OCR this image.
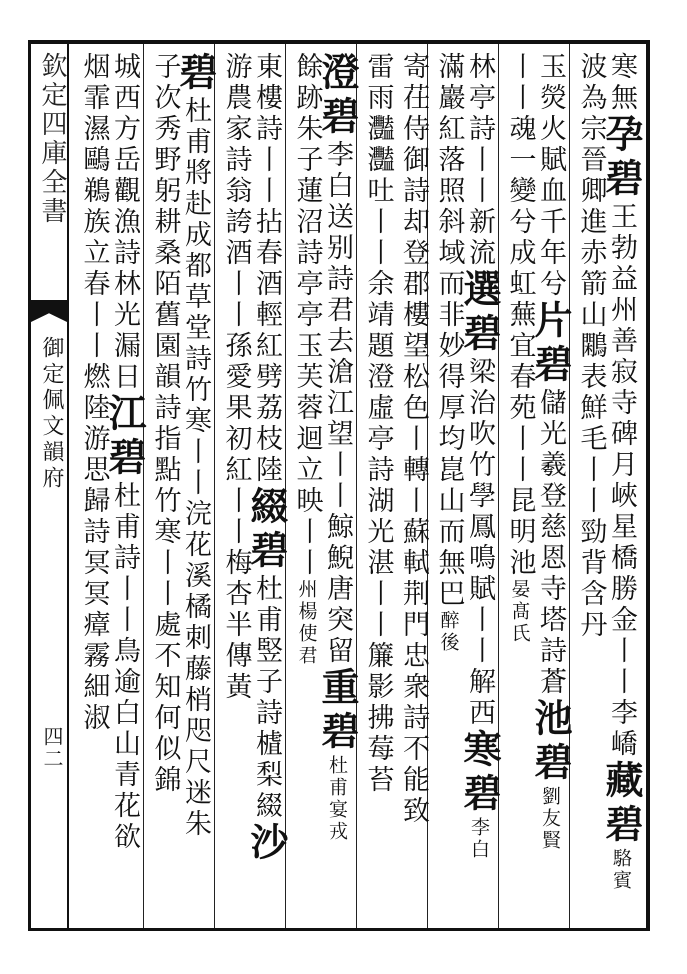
欽定四庫全書
御定佩文韻府
四二
寒無孕碧王勃益州善寂寺碑月峽星橋勝金丨丨李嶠藏碧駱賓
波為宗晉卿進赤箭山鷴表鮮毛丨丨勁背含丹
玉熒火賦血千年兮片碧儲光羲登慈恩寺塔詩蒼池碧劉友賢
丨丨魂一變兮成虹蕪宜春苑丨丨昆明池晏髙氏
林亭詩丨丨新流選碧梁治吹竹學鳳鳴賦丨丨解西寒碧李白
滿巖紅落照斜域而非妙得厚均崑山而無巴醉後
寄茌侍御詩却登郡樓望松色丨轉丨蘇軾荆門忠衆詩不能致
雷雨灩灩吐丨丨余靖題澄虛亭詩湖光湛丨丨簾影拂莓苔
澄碧李白送别詩君去滄江望丨丨鯨鯢唐突留重碧杜甫宴戎
餘跡朱子蓮沼詩亭亭玉芙蓉迴立映丨丨州楊使君
東樓詩丨丨拈春酒輕紅劈荔枝陸綴碧杜甫竪子詩樝梨綴沙
游農家詩翁誇酒丨丨孫愛果初紅丨丨梅杏半傳黃
碧杜甫將赴成都草堂詩竹寒丨丨浣花溪橘刺藤梢咫尺迷朱
子次秀野躬耕桑陌舊園韻詩指點竹寒丨丨處不知何似錦
城西方岳觀漁詩林光漏日江碧杜甫詩丨丨鳥逾白山青花欲
烟霏濕鷗鵜族立春丨丨燃陸游思歸詩冥冥瘴霧細淑
